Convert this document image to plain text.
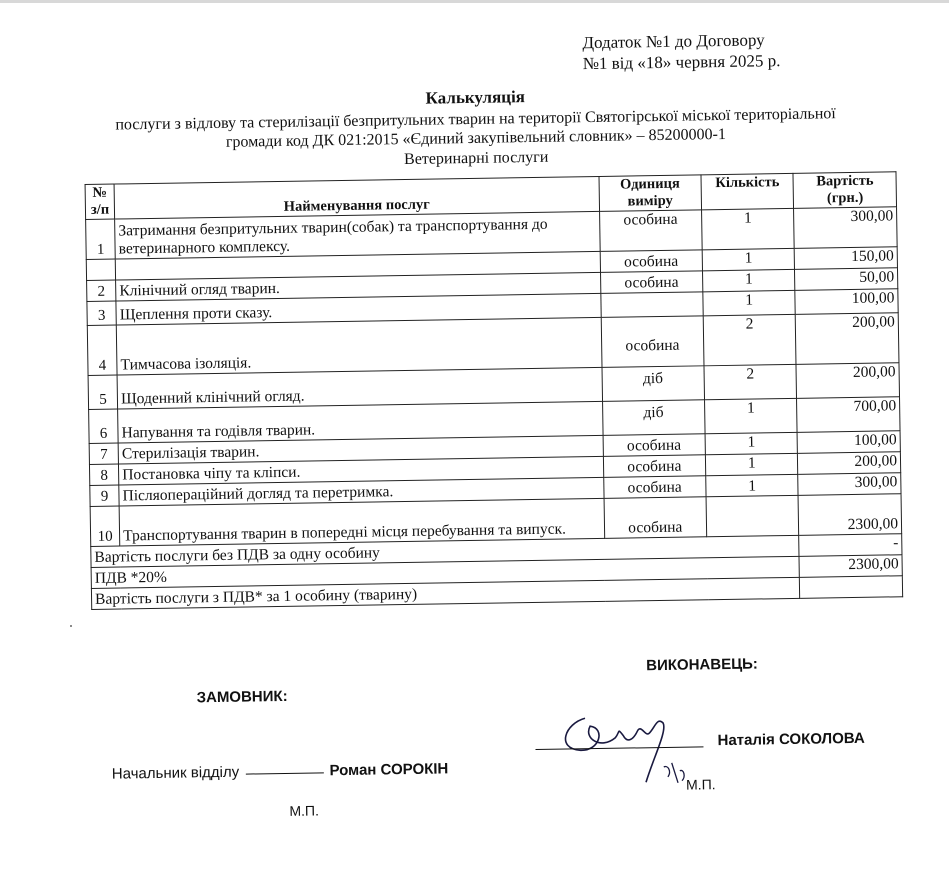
Додаток №1 до Договору
№1 від «18» червня 2025 р.
Калькуляція
послуги з відлову та стерилізації безпритульних тварин на території Святогірської міської територіальної громади код ДК 021:2015 «Єдиний закупівельний словник» – 85200000-1
Ветеринарні послуги
№ з/п	Найменування послуг	Одиниця виміру	Кількість	Вартість (грн.)
1	Затримання безпритульних тварин(собак) та транспортування до ветеринарного комплексу.	особина	1	300,00
		особина	1	150,00
2	Клінічний огляд тварин.	особина	1	50,00
3	Щеплення проти сказу.		1	100,00
4	Тимчасова ізоляція.	особина	2	200,00
5	Щоденний клінічний огляд.	діб	2	200,00
6	Напування та годівля тварин.	діб	1	700,00
7	Стерилізація тварин.	особина	1	100,00
8	Постановка чіпу та кліпси.	особина	1	200,00
9	Післяопераційний догляд та перетримка.	особина	1	300,00
10	Транспортування тварин в попередні місця перебування та випуск.	особина		2300,00
Вартість послуги без ПДВ за одну особину				-
ПДВ *20%				2300,00
Вартість послуги з ПДВ* за 1 особину (тварину)				
ВИКОНАВЕЦЬ:
ЗАМОВНИК:
Наталія СОКОЛОВА
Начальник відділу	Роман СОРОКІН
М.П.
М.П.
